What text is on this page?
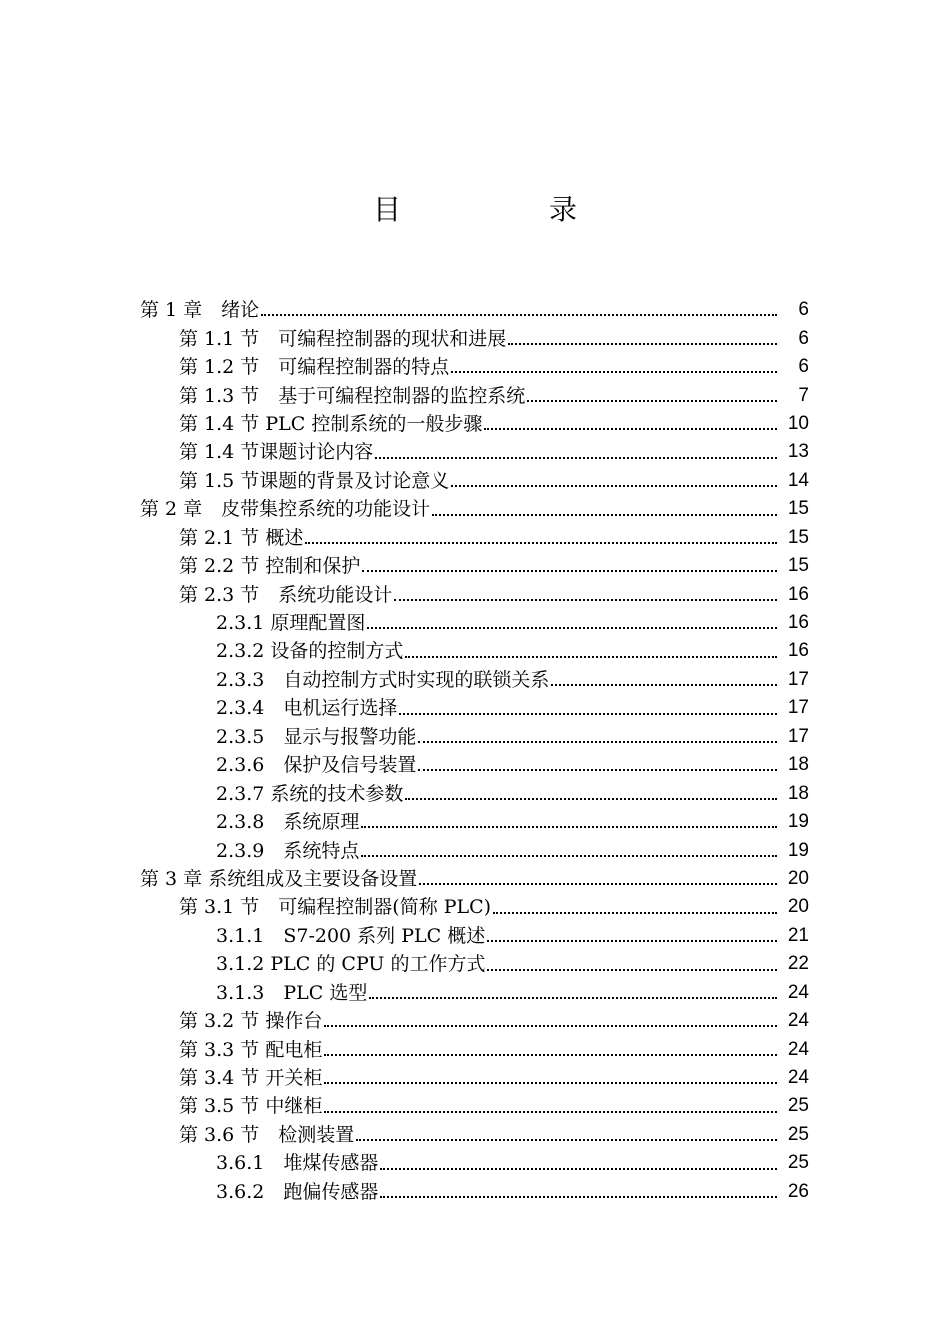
目　录
第 1 章　绪论	6
第 1.1 节　可编程控制器的现状和进展	6
第 1.2 节　可编程控制器的特点	6
第 1.3 节　基于可编程控制器的监控系统	7
第 1.4 节 PLC 控制系统的一般步骤	10
第 1.4 节课题讨论内容	13
第 1.5 节课题的背景及讨论意义	14
第 2 章　皮带集控系统的功能设计	15
第 2.1 节 概述	15
第 2.2 节 控制和保护	15
第 2.3 节　系统功能设计	16
2.3.1 原理配置图	16
2.3.2 设备的控制方式	16
2.3.3　自动控制方式时实现的联锁关系	17
2.3.4　电机运行选择	17
2.3.5　显示与报警功能	17
2.3.6　保护及信号装置	18
2.3.7 系统的技术参数	18
2.3.8　系统原理	19
2.3.9　系统特点	19
第 3 章 系统组成及主要设备设置	20
第 3.1 节　可编程控制器(简称 PLC)	20
3.1.1　S7-200 系列 PLC 概述	21
3.1.2 PLC 的 CPU 的工作方式	22
3.1.3　PLC 选型	24
第 3.2 节 操作台	24
第 3.3 节 配电柜	24
第 3.4 节 开关柜	24
第 3.5 节 中继柜	25
第 3.6 节　检测装置	25
3.6.1　堆煤传感器	25
3.6.2　跑偏传感器	26
